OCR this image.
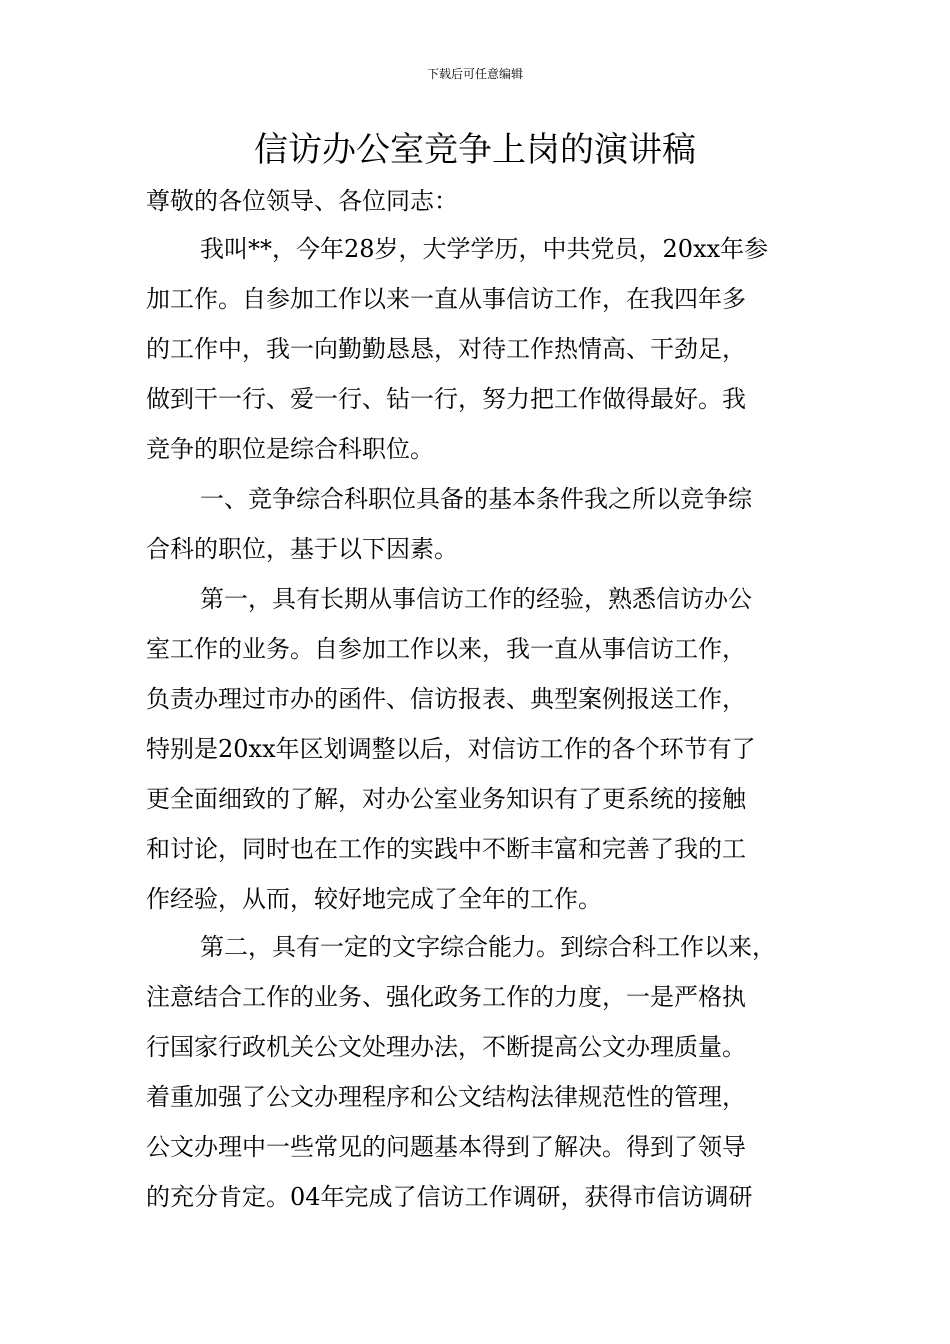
下载后可任意编辑
信访办公室竞争上岗的演讲稿
尊敬的各位领导、各位同志：
我叫**，今年28岁，大学学历，中共党员，20xx年参
加工作。自参加工作以来一直从事信访工作，在我四年多
的工作中，我一向勤勤恳恳，对待工作热情高、干劲足，
做到干一行、爱一行、钻一行，努力把工作做得最好。我
竞争的职位是综合科职位。
一、竞争综合科职位具备的基本条件我之所以竞争综
合科的职位，基于以下因素。
第一，具有长期从事信访工作的经验，熟悉信访办公
室工作的业务。自参加工作以来，我一直从事信访工作，
负责办理过市办的函件、信访报表、典型案例报送工作，
特别是20xx年区划调整以后，对信访工作的各个环节有了
更全面细致的了解，对办公室业务知识有了更系统的接触
和讨论，同时也在工作的实践中不断丰富和完善了我的工
作经验，从而，较好地完成了全年的工作。
第二，具有一定的文字综合能力。到综合科工作以来，
注意结合工作的业务、强化政务工作的力度，一是严格执
行国家行政机关公文处理办法，不断提高公文办理质量。
着重加强了公文办理程序和公文结构法律规范性的管理，
公文办理中一些常见的问题基本得到了解决。得到了领导
的充分肯定。04年完成了信访工作调研，获得市信访调研
